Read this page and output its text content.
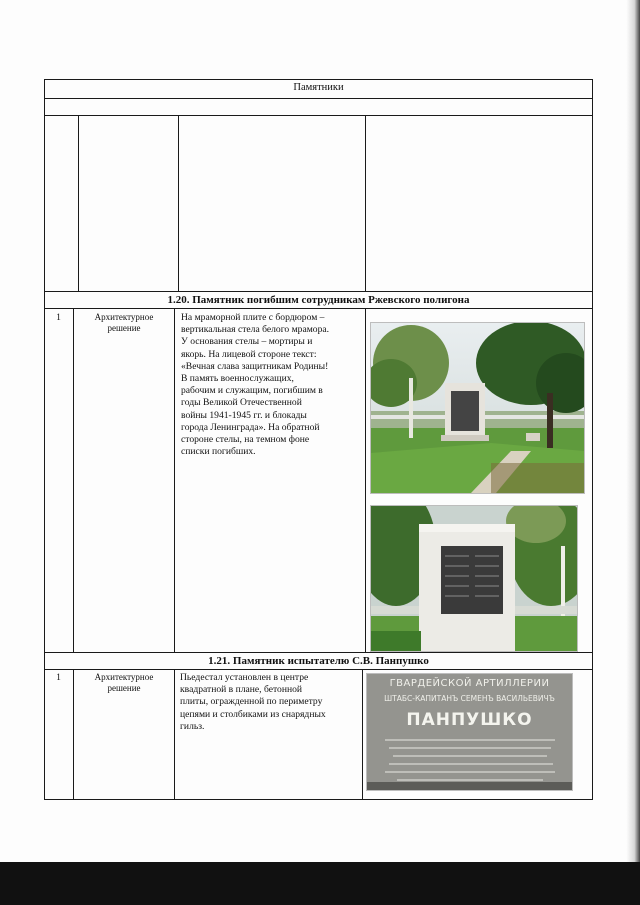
Памятники
1.20. Памятник погибшим сотрудникам Ржевского полигона
1	Архитектурное решение
На мраморной плите с бордюром –
вертикальная стела белого мрамора.
У основания стелы – мортиры и
якорь. На лицевой стороне текст:
«Вечная слава защитникам Родины!
В память военнослужащих,
рабочим и служащим, погибшим в
годы Великой Отечественной
войны 1941-1945 гг. и блокады
города Ленинграда». На обратной
стороне стелы, на темном фоне
списки погибших.
1.21. Памятник испытателю С.В. Панпушко
1	Архитектурное решение
Пьедестал установлен в центре
квадратной в плане, бетонной
плиты, огражденной по периметру
цепями и столбиками из снарядных
гильз.
ГВАРДЕЙСКОЙ АРТИЛЛЕРИИ
ШТАБС-КАПИТАНЪ СЕМЕНЪ ВАСИЛЬЕВИЧЪ
ПАНПУШКО
